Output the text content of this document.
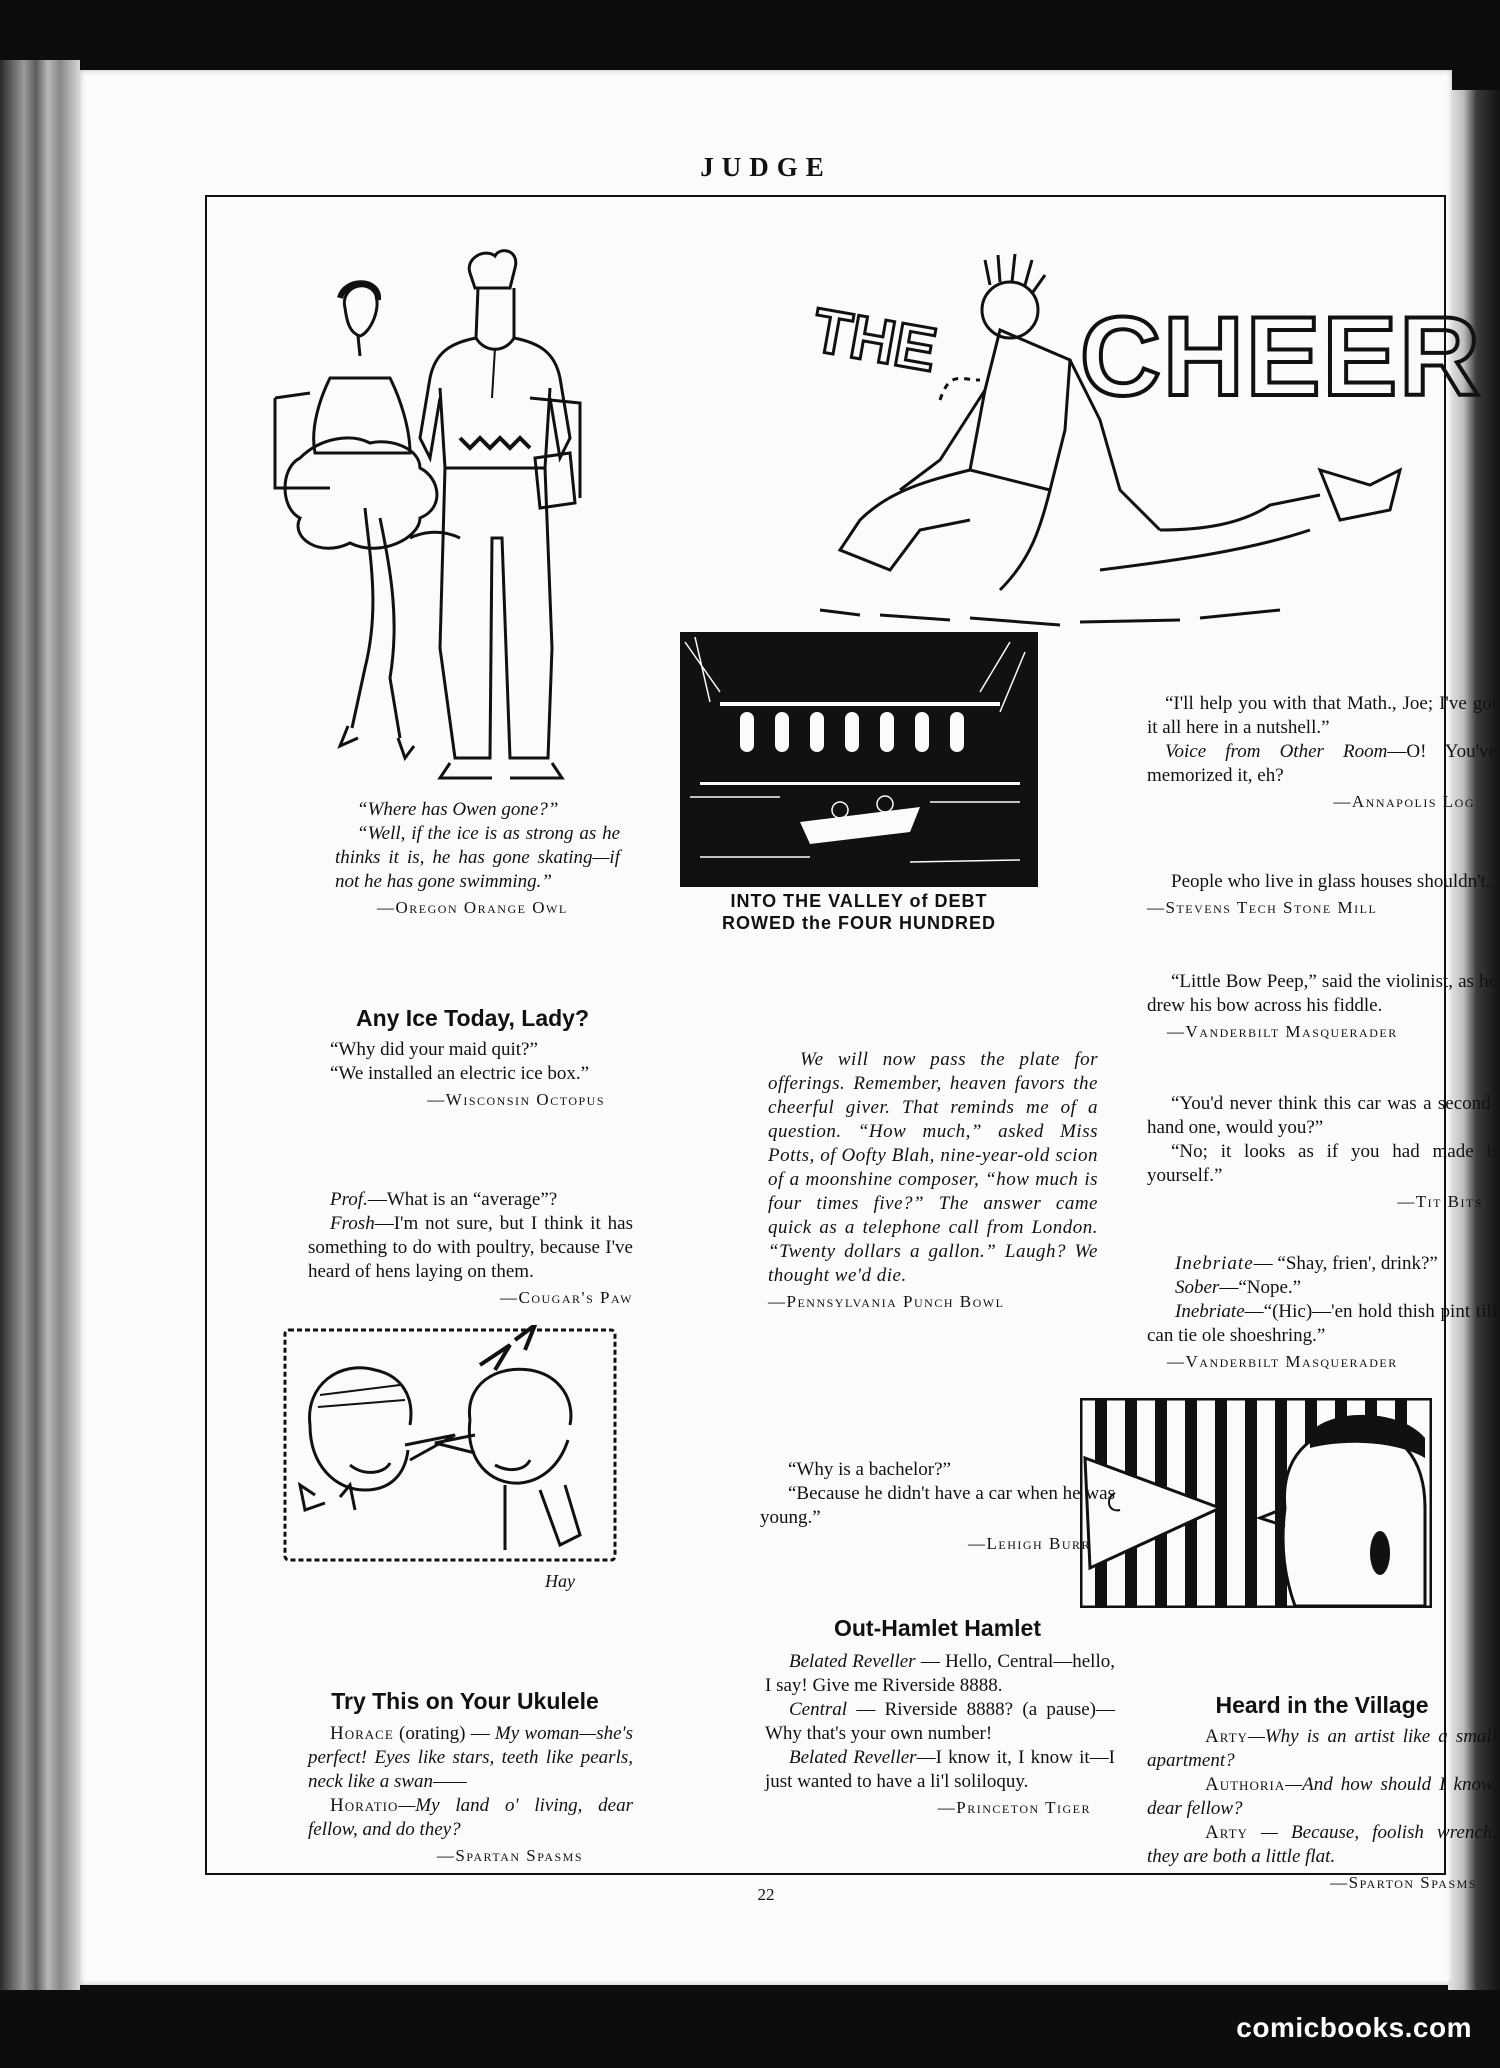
JUDGE
THE CHEER
INTO THE VALLEY of DEBT
ROWED the FOUR HUNDRED
Hay

“Where has Owen gone?”

“Well, if the ice is as strong as he thinks it is, he has gone skating—if not he has gone swimming.”

—Oregon Orange Owl
Any Ice Today, Lady?

“Why did your maid quit?”

“We installed an electric ice box.”

—Wisconsin Octopus

Prof.—What is an “average”?

Frosh—I'm not sure, but I think it has something to do with poultry, because I've heard of hens laying on them.

—Cougar's Paw
Try This on Your Ukulele

Horace (orating) — My woman—she's perfect! Eyes like stars, teeth like pearls, neck like a swan——

Horatio—My land o' living, dear fellow, and do they?

—Spartan Spasms

We will now pass the plate for offerings. Remember, heaven favors the cheerful giver. That reminds me of a question. “How much,” asked Miss Potts, of Oofty Blah, nine-year-old scion of a moonshine composer, “how much is four times five?” The answer came quick as a telephone call from London. “Twenty dollars a gallon.” Laugh? We thought we'd die.

—Pennsylvania Punch Bowl

“Why is a bachelor?”

“Because he didn't have a car when he was young.”

—Lehigh Burr
Out-Hamlet Hamlet

Belated Reveller — Hello, Central—hello, I say! Give me Riverside 8888.

Central — Riverside 8888? (a pause)—Why that's your own number!

Belated Reveller—I know it, I know it—I just wanted to have a li'l soliloquy.

—Princeton Tiger

“I'll help you with that Math., Joe; I've got it all here in a nutshell.”

Voice from Other Room—O! You've memorized it, eh?

—Annapolis Log

People who live in glass houses shouldn't.

—Stevens Tech Stone Mill

“Little Bow Peep,” said the violinist, as he drew his bow across his fiddle.

—Vanderbilt Masquerader

“You'd never think this car was a second-hand one, would you?”

“No; it looks as if you had made it yourself.”

—Tit Bits

Inebriate— “Shay, frien', drink?”

Sober—“Nope.”

Inebriate—“(Hic)—'en hold thish pint till can tie ole shoeshring.”

—Vanderbilt Masquerader
Heard in the Village

Arty—Why is an artist like a small apartment?

Authoria—And how should I know, dear fellow?

Arty — Because, foolish wrench, they are both a little flat.

—Sparton Spasms
22
comicbooks.com
